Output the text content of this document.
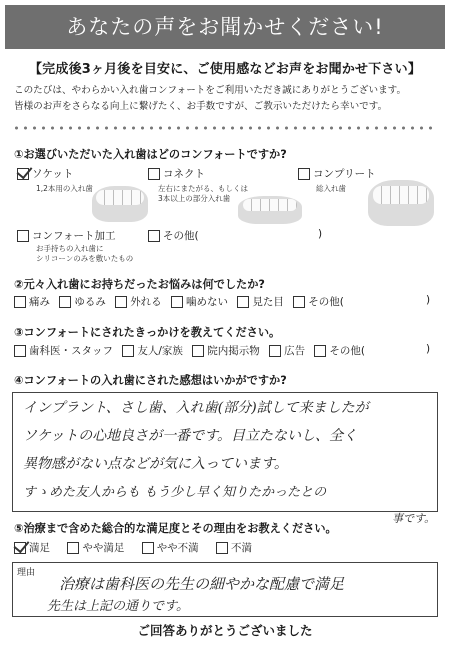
あなたの声をお聞かせください!
【完成後3ヶ月後を目安に、ご使用感などお声をお聞かせ下さい】
このたびは、やわらかい入れ歯コンフォートをご利用いただき誠にありがとうございます。
皆様のお声をさらなる向上に繋げたく、お手数ですが、ご教示いただけたら幸いです。
①お選びいただいた入れ歯はどのコンフォートですか?
ソケット
1,2本用の入れ歯
コネクト
左右にまたがる、もしくは
3本以上の部分入れ歯
コンプリート
総入れ歯
コンフォート加工
お手持ちの入れ歯に
シリコーンのみを敷いたもの
その他(	)
②元々入れ歯にお持ちだったお悩みは何でしたか?
痛み ゆるみ 外れる 噛めない 見た目 その他(	)
③コンフォートにされたきっかけを教えてください。
歯科医・スタッフ 友人/家族 院内掲示物 広告 その他(	)
④コンフォートの入れ歯にされた感想はいかがですか?
インプラント、さし歯、入れ歯(部分)試して来ましたが
ソケットの心地良さが一番です。目立たないし、全く
異物感がない点などが気に入っています。
すゝめた友人からも もう少し早く知りたかったとの
事です。
⑤治療まで含めた総合的な満足度とその理由をお教えください。
満足	やや満足	やや不満	不満
理由
治療は歯科医の先生の細やかな配慮で満足
先生は上記の通りです。
ご回答ありがとうございました
